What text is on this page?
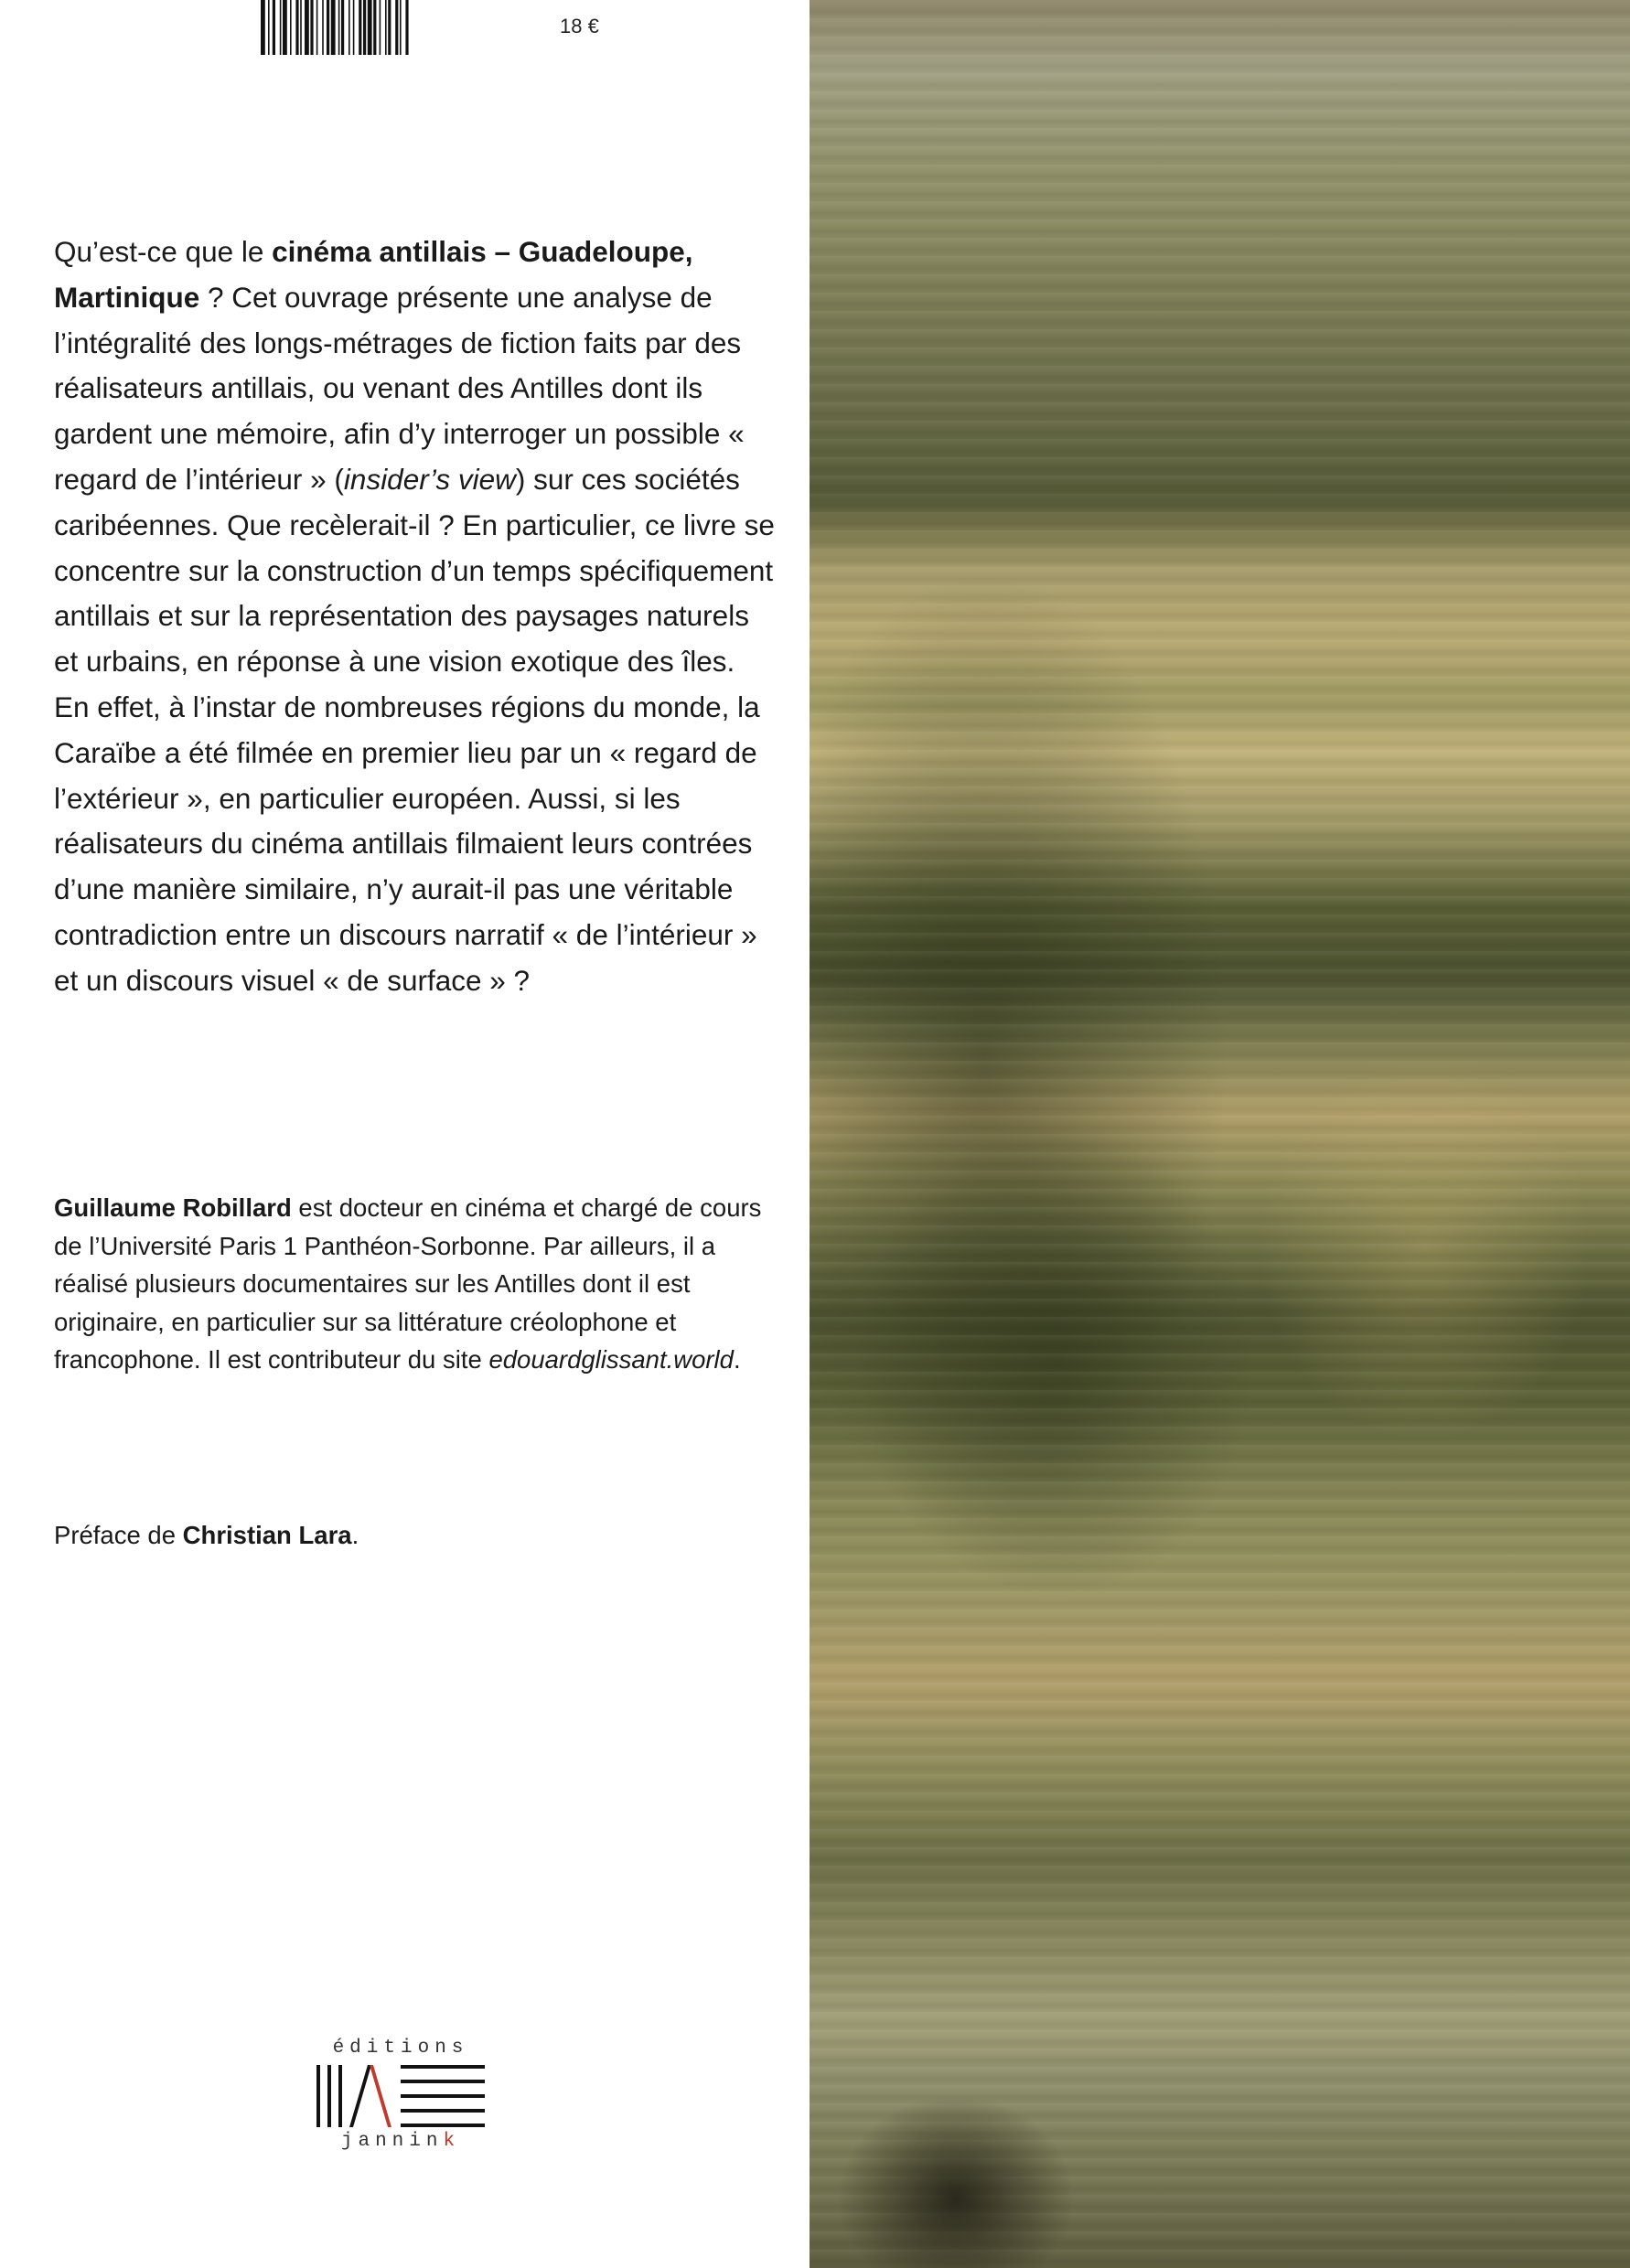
18 €

Qu’est-ce que le cinéma antillais – Guadeloupe, Martinique ? Cet ouvrage présente une analyse de l’intégralité des longs-métrages de fiction faits par des réalisateurs antillais, ou venant des Antilles dont ils gardent une mémoire, afin d’y interroger un possible « regard de l’intérieur » (insider’s view) sur ces sociétés caribéennes. Que recèlerait-il ? En particulier, ce livre se concentre sur la construction d’un temps spécifiquement antillais et sur la représentation des paysages naturels et urbains, en réponse à une vision exotique des îles. En effet, à l’instar de nombreuses régions du monde, la Caraïbe a été filmée en premier lieu par un « regard de l’extérieur », en particulier européen. Aussi, si les réalisateurs du cinéma antillais filmaient leurs contrées d’une manière similaire, n’y aurait-il pas une véritable contradiction entre un discours narratif « de l’intérieur » et un discours visuel « de surface » ?

Guillaume Robillard est docteur en cinéma et chargé de cours de l’Université Paris 1 Panthéon-Sorbonne. Par ailleurs, il a réalisé plusieurs documentaires sur les Antilles dont il est originaire, en particulier sur sa littérature créolophone et francophone. Il est contributeur du site edouardglissant.world.

Préface de Christian Lara.

éditions
jannink
